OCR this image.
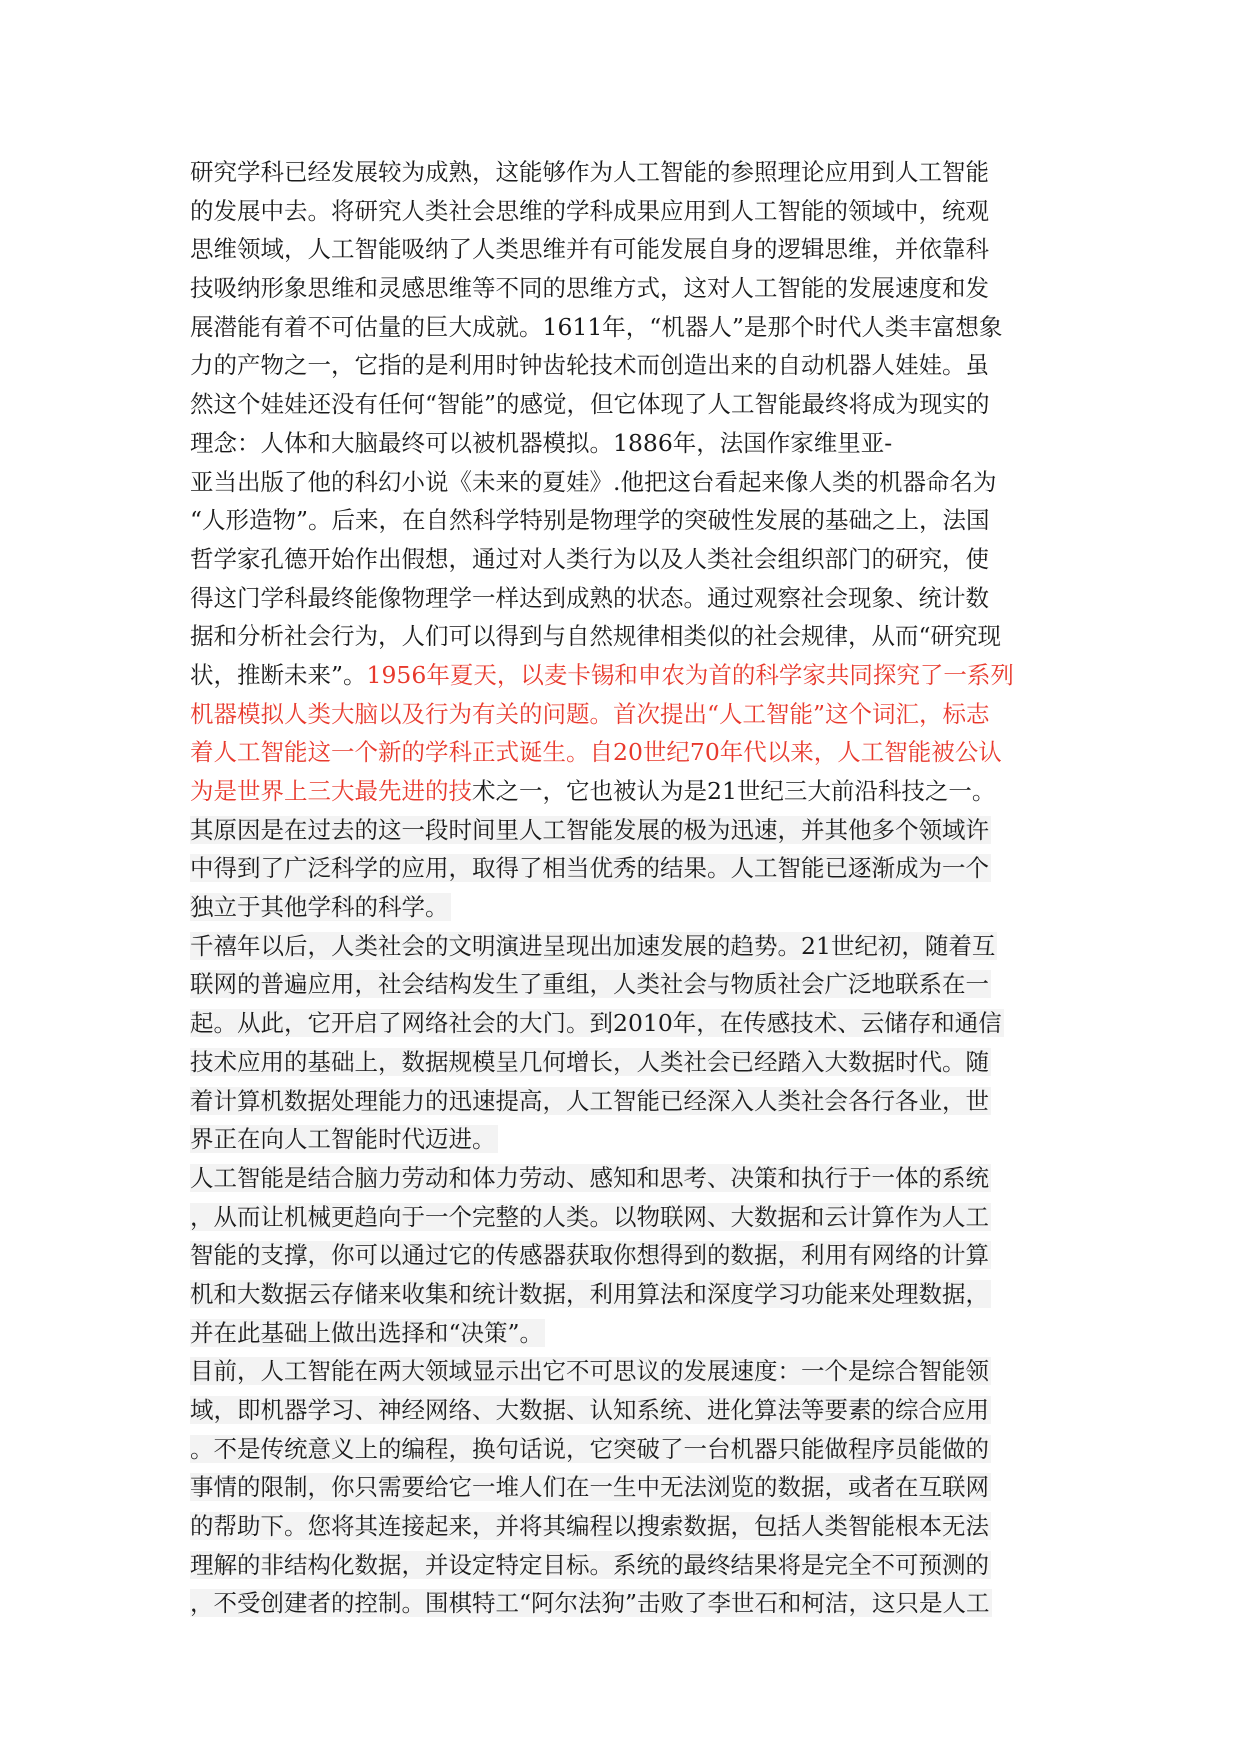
研究学科已经发展较为成熟，这能够作为人工智能的参照理论应用到人工智能
的发展中去。将研究人类社会思维的学科成果应用到人工智能的领域中，统观
思维领域，人工智能吸纳了人类思维并有可能发展自身的逻辑思维，并依靠科
技吸纳形象思维和灵感思维等不同的思维方式，这对人工智能的发展速度和发
展潜能有着不可估量的巨大成就。1611年，“机器人”是那个时代人类丰富想象
力的产物之一，它指的是利用时钟齿轮技术而创造出来的自动机器人娃娃。虽
然这个娃娃还没有任何“智能”的感觉，但它体现了人工智能最终将成为现实的
理念：人体和大脑最终可以被机器模拟。1886年，法国作家维里亚-
亚当出版了他的科幻小说《未来的夏娃》.他把这台看起来像人类的机器命名为
“人形造物”。后来，在自然科学特别是物理学的突破性发展的基础之上，法国
哲学家孔德开始作出假想，通过对人类行为以及人类社会组织部门的研究，使
得这门学科最终能像物理学一样达到成熟的状态。通过观察社会现象、统计数
据和分析社会行为，人们可以得到与自然规律相类似的社会规律，从而“研究现
状，推断未来”。1956年夏天，以麦卡锡和申农为首的科学家共同探究了一系列
机器模拟人类大脑以及行为有关的问题。首次提出“人工智能”这个词汇，标志
着人工智能这一个新的学科正式诞生。自20世纪70年代以来，人工智能被公认
为是世界上三大最先进的技术之一，它也被认为是21世纪三大前沿科技之一。
其原因是在过去的这一段时间里人工智能发展的极为迅速，并其他多个领域许
中得到了广泛科学的应用，取得了相当优秀的结果。人工智能已逐渐成为一个
独立于其他学科的科学。
千禧年以后，人类社会的文明演进呈现出加速发展的趋势。21世纪初，随着互
联网的普遍应用，社会结构发生了重组，人类社会与物质社会广泛地联系在一
起。从此，它开启了网络社会的大门。到2010年，在传感技术、云储存和通信
技术应用的基础上，数据规模呈几何增长，人类社会已经踏入大数据时代。随
着计算机数据处理能力的迅速提高，人工智能已经深入人类社会各行各业，世
界正在向人工智能时代迈进。
人工智能是结合脑力劳动和体力劳动、感知和思考、决策和执行于一体的系统
，从而让机械更趋向于一个完整的人类。以物联网、大数据和云计算作为人工
智能的支撑，你可以通过它的传感器获取你想得到的数据，利用有网络的计算
机和大数据云存储来收集和统计数据，利用算法和深度学习功能来处理数据，
并在此基础上做出选择和“决策”。
目前，人工智能在两大领域显示出它不可思议的发展速度：一个是综合智能领
域，即机器学习、神经网络、大数据、认知系统、进化算法等要素的综合应用
。不是传统意义上的编程，换句话说，它突破了一台机器只能做程序员能做的
事情的限制，你只需要给它一堆人们在一生中无法浏览的数据，或者在互联网
的帮助下。您将其连接起来，并将其编程以搜索数据，包括人类智能根本无法
理解的非结构化数据，并设定特定目标。系统的最终结果将是完全不可预测的
，不受创建者的控制。围棋特工“阿尔法狗”击败了李世石和柯洁，这只是人工
